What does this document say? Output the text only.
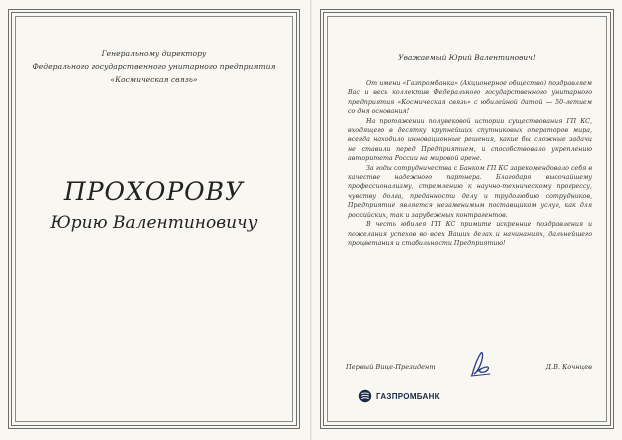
Генеральному директору
Федерального государственного унитарного предприятия
«Космическая связь»
ПРОХОРОВУ
Юрию Валентиновичу
Уважаемый Юрий Валентинович!

От имени «Газпромбанка» (Акционерное общество) поздравляем Вас и весь коллектив Федерального государственного унитарного предприятия «Космическая связь» с юбилейной датой — 50-летием со дня основания!

На протяжении полувековой истории существования ГП КС, входящего в десятку крупнейших спутниковых операторов мира, всегда находило инновационные решения, какие бы сложные задачи не ставили перед Предприятием, и способствовало укреплению авторитета России на мировой арене.

За годы сотрудничества с Банком ГП КС зарекомендовало себя в качестве надежного партнера. Благодаря высочайшему профессионализму, стремлению к научно-техническому прогрессу, чувству долга, преданности делу и трудолюбию сотрудников, Предприятие является незаменимым поставщиком услуг, как для российских, так и зарубежных контрагентов.

В честь юбилея ГП КС примите искренние поздравления и пожелания успехов во всех Ваших делах и начинаниях, дальнейшего процветания и стабильности Предприятию!

Первый Вице-Президент	Д.В. Кочнцев
ГАЗПРОМБАНК
